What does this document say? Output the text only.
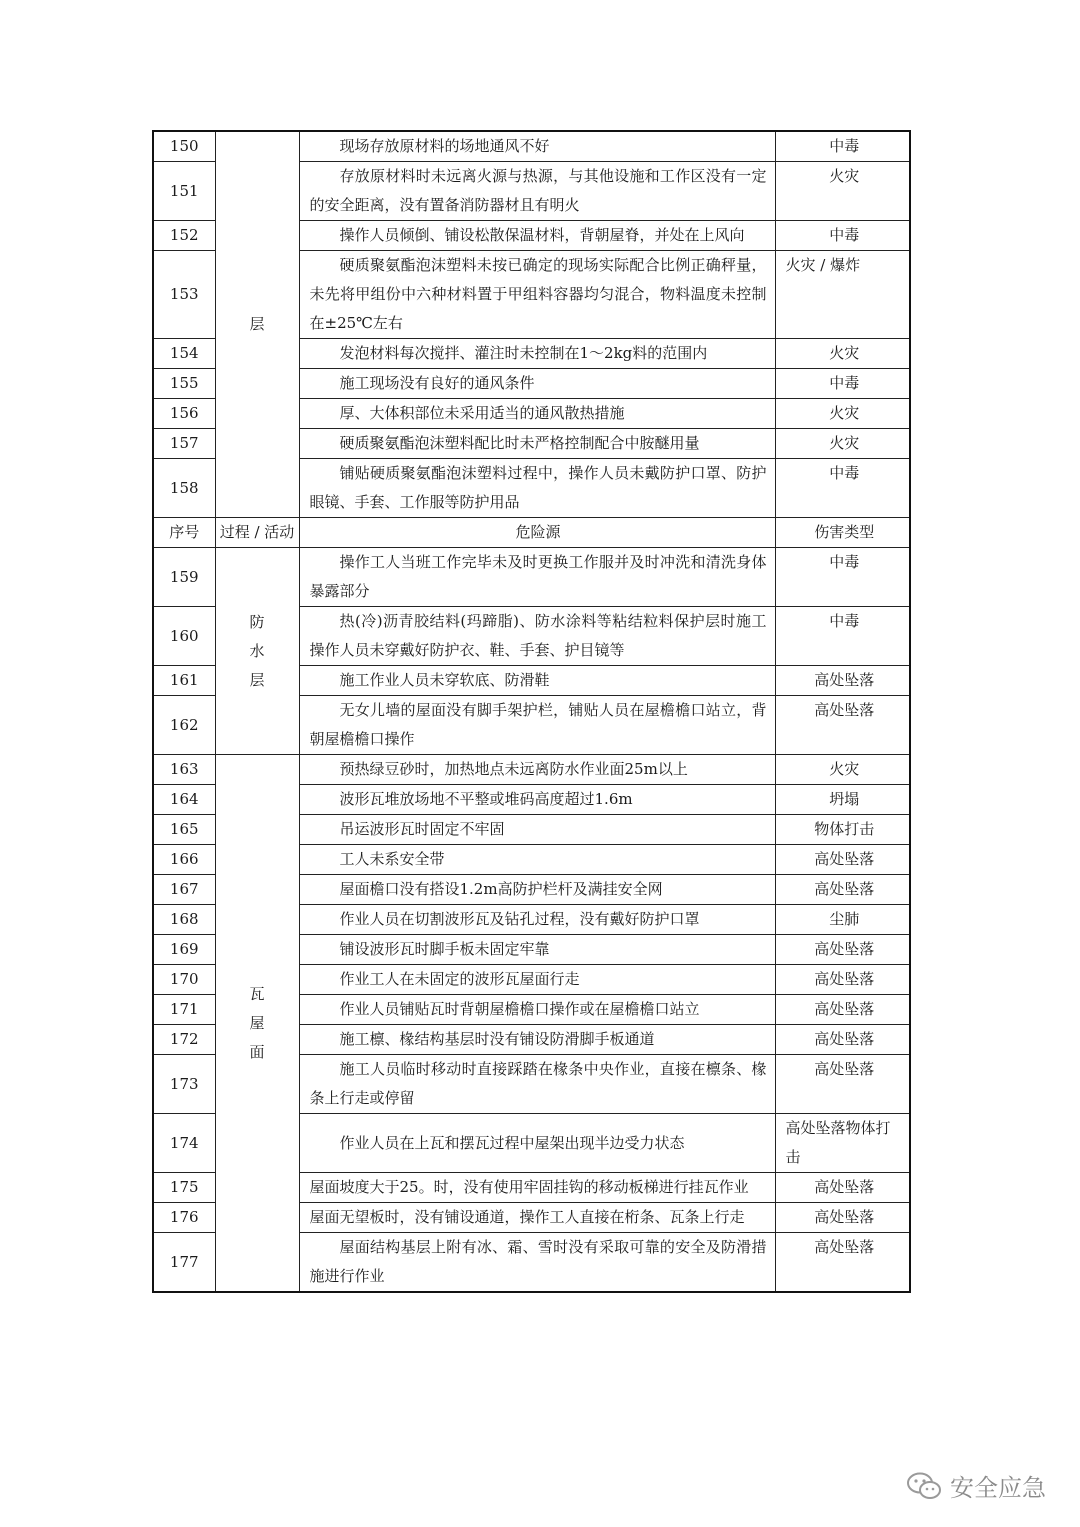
150	层	现场存放原材料的场地通风不好	中毒
151		存放原材料时未远离火源与热源，与其他设施和工作区没有一定的安全距离，没有置备消防器材且有明火	火灾
152		操作人员倾倒、铺设松散保温材料，背朝屋脊，并处在上风向	中毒
153		硬质聚氨酯泡沫塑料未按已确定的现场实际配合比例正确秤量，未先将甲组份中六种材料置于甲组料容器均匀混合，物料温度未控制在±25℃左右	火灾 / 爆炸
154		发泡材料每次搅拌、灌注时未控制在1～2kg料的范围内	火灾
155		施工现场没有良好的通风条件	中毒
156		厚、大体积部位未采用适当的通风散热措施	火灾
157		硬质聚氨酯泡沫塑料配比时未严格控制配合中胺醚用量	火灾
158		铺贴硬质聚氨酯泡沫塑料过程中，操作人员未戴防护口罩、防护眼镜、手套、工作服等防护用品	中毒
序号	过程 / 活动	危险源	伤害类型
159	防水层	操作工人当班工作完毕未及时更换工作服并及时冲洗和清洗身体暴露部分	中毒
160		热(冷)沥青胶结料(玛蹄脂)、防水涂料等粘结粒料保护层时施工操作人员未穿戴好防护衣、鞋、手套、护目镜等	中毒
161		施工作业人员未穿软底、防滑鞋	高处坠落
162		无女儿墙的屋面没有脚手架护栏，铺贴人员在屋檐檐口站立，背朝屋檐檐口操作	高处坠落
163	瓦屋面	预热绿豆砂时，加热地点未远离防水作业面25m以上	火灾
164		波形瓦堆放场地不平整或堆码高度超过1.6m	坍塌
165		吊运波形瓦时固定不牢固	物体打击
166		工人未系安全带	高处坠落
167		屋面檐口没有搭设1.2m高防护栏杆及满挂安全网	高处坠落
168		作业人员在切割波形瓦及钻孔过程，没有戴好防护口罩	尘肺
169		铺设波形瓦时脚手板未固定牢靠	高处坠落
170		作业工人在未固定的波形瓦屋面行走	高处坠落
171		作业人员铺贴瓦时背朝屋檐檐口操作或在屋檐檐口站立	高处坠落
172		施工檩、椽结构基层时没有铺设防滑脚手板通道	高处坠落
173		施工人员临时移动时直接踩踏在椽条中央作业，直接在檩条、椽条上行走或停留	高处坠落
174		作业人员在上瓦和摆瓦过程中屋架出现半边受力状态	高处坠落物体打击
175		屋面坡度大于25。时，没有使用牢固挂钩的移动板梯进行挂瓦作业	高处坠落
176		屋面无望板时，没有铺设通道，操作工人直接在桁条、瓦条上行走	高处坠落
177		屋面结构基层上附有冰、霜、雪时没有采取可靠的安全及防滑措施进行作业	高处坠落
安全应急
